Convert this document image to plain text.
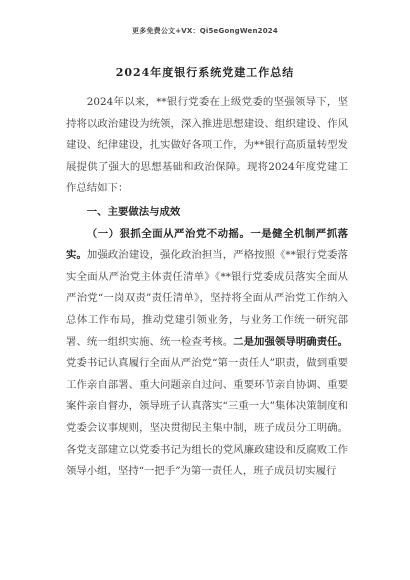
更多免费公文+VX：Qi5eGongWen2024
2024年度银行系统党建工作总结

2024年以来，**银行党委在上级党委的坚强领导下，坚持将以政治建设为统领，深入推进思想建设、组织建设、作风建设、纪律建设，扎实做好各项工作，为**银行高质量转型发展提供了强大的思想基础和政治保障。现将2024年度党建工作总结如下：

一、主要做法与成效

（一）狠抓全面从严治党不动摇。一是健全机制严抓落实。加强政治建设，强化政治担当，严格按照《**银行党委落实全面从严治党主体责任清单》《**银行党委成员落实全面从严治党“一岗双责”责任清单》，坚持将全面从严治党工作纳入总体工作布局，推动党建引领业务，与业务工作统一研究部署、统一组织实施、统一检查考核。二是加强领导明确责任。党委书记认真履行全面从严治党“第一责任人”职责，做到重要工作亲自部署、重大问题亲自过问、重要环节亲自协调、重要案件亲自督办，领导班子认真落实“三重一大”集体决策制度和党委会议事规则，坚决贯彻民主集中制，班子成员分工明确。各党支部建立以党委书记为组长的党风廉政建设和反腐败工作领导小组，坚持“一把手”为第一责任人，班子成员切实履行
